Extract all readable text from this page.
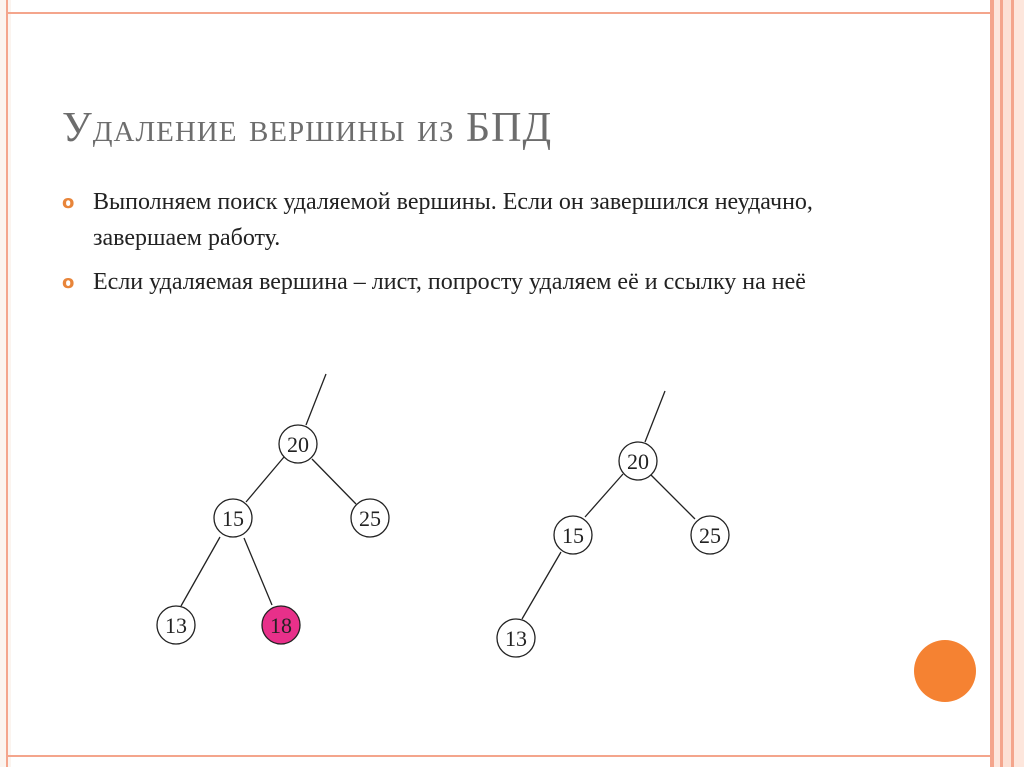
Удаление вершины из БПД
o Выполняем поиск удаляемой вершины. Если он завершился неудачно, завершаем работу.
o Если удаляемая вершина – лист, попросту удаляем её и ссылку на неё
20
15	25
13	18
20
15	25
13
